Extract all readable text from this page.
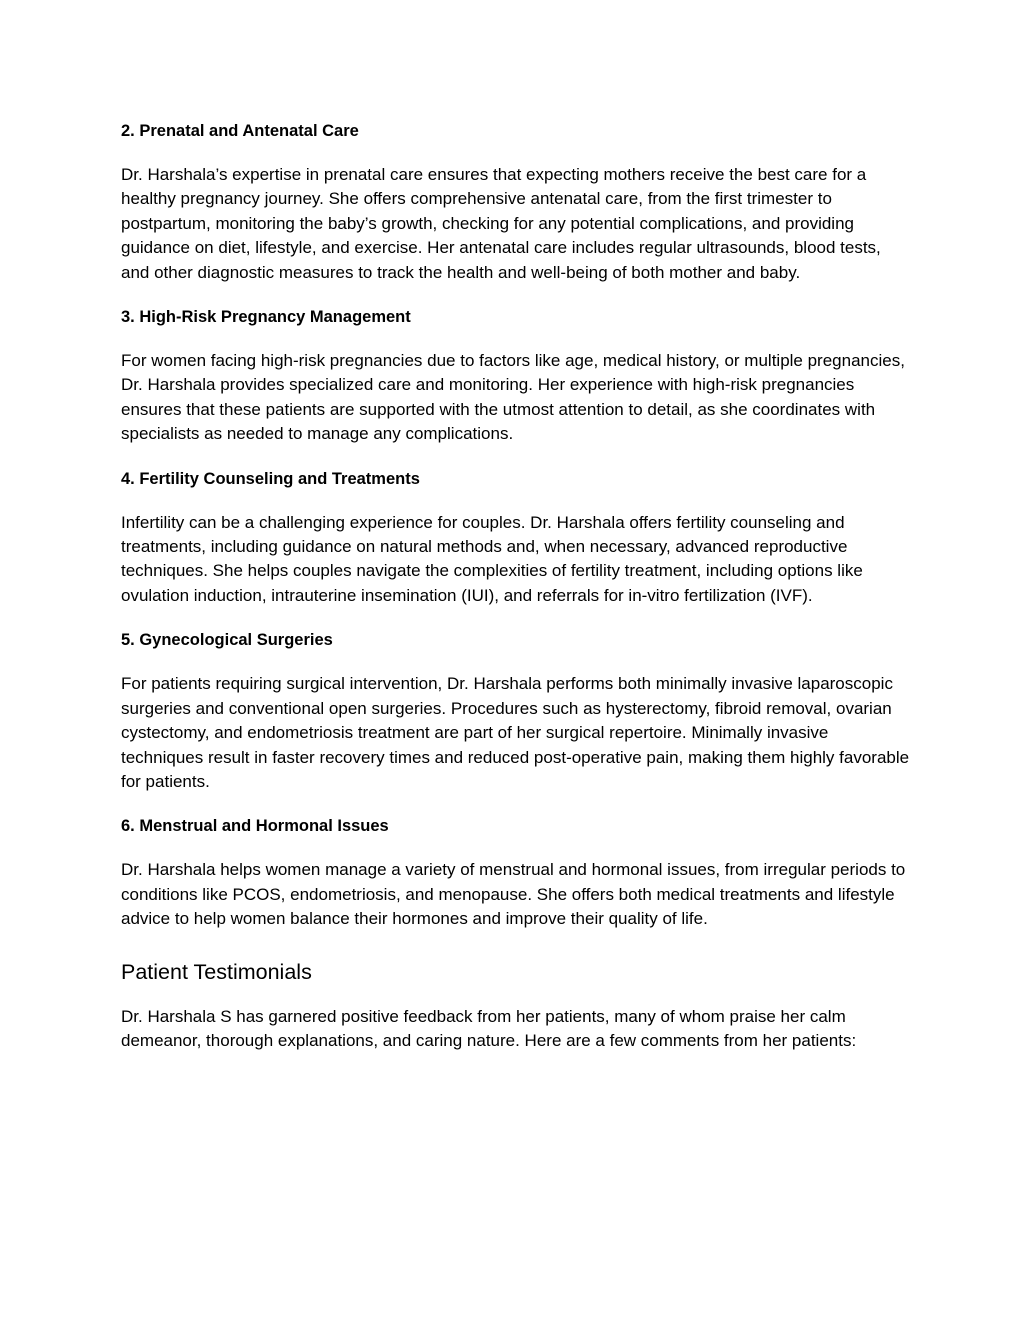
2. Prenatal and Antenatal Care

Dr. Harshala’s expertise in prenatal care ensures that expecting mothers receive the best care for a healthy pregnancy journey. She offers comprehensive antenatal care, from the first trimester to postpartum, monitoring the baby’s growth, checking for any potential complications, and providing guidance on diet, lifestyle, and exercise. Her antenatal care includes regular ultrasounds, blood tests, and other diagnostic measures to track the health and well-being of both mother and baby.

3. High-Risk Pregnancy Management

For women facing high-risk pregnancies due to factors like age, medical history, or multiple pregnancies, Dr. Harshala provides specialized care and monitoring. Her experience with high-risk pregnancies ensures that these patients are supported with the utmost attention to detail, as she coordinates with specialists as needed to manage any complications.

4. Fertility Counseling and Treatments

Infertility can be a challenging experience for couples. Dr. Harshala offers fertility counseling and treatments, including guidance on natural methods and, when necessary, advanced reproductive techniques. She helps couples navigate the complexities of fertility treatment, including options like ovulation induction, intrauterine insemination (IUI), and referrals for in-vitro fertilization (IVF).

5. Gynecological Surgeries

For patients requiring surgical intervention, Dr. Harshala performs both minimally invasive laparoscopic surgeries and conventional open surgeries. Procedures such as hysterectomy, fibroid removal, ovarian cystectomy, and endometriosis treatment are part of her surgical repertoire. Minimally invasive techniques result in faster recovery times and reduced post-operative pain, making them highly favorable for patients.

6. Menstrual and Hormonal Issues

Dr. Harshala helps women manage a variety of menstrual and hormonal issues, from irregular periods to conditions like PCOS, endometriosis, and menopause. She offers both medical treatments and lifestyle advice to help women balance their hormones and improve their quality of life.

Patient Testimonials

Dr. Harshala S has garnered positive feedback from her patients, many of whom praise her calm demeanor, thorough explanations, and caring nature. Here are a few comments from her patients:
